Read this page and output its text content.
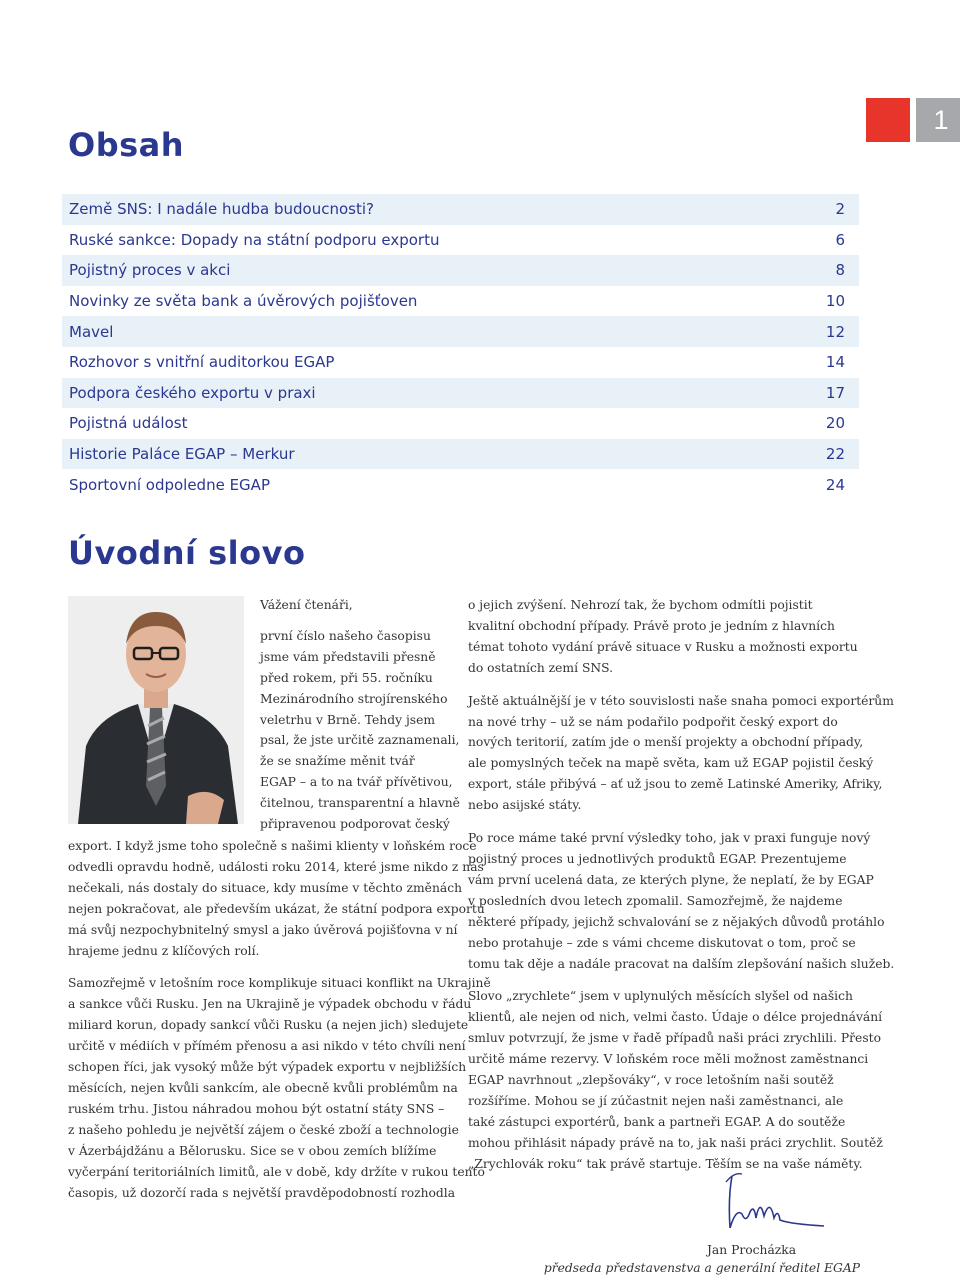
1
Obsah
Země SNS: I nadále hudba budoucnosti?	2
Ruské sankce: Dopady na státní podporu exportu	6
Pojistný proces v akci	8
Novinky ze světa bank a úvěrových pojišťoven	10
Mavel	12
Rozhovor s vnitřní auditorkou EGAP	14
Podpora českého exportu v praxi	17
Pojistná událost	20
Historie Paláce EGAP – Merkur	22
Sportovní odpoledne EGAP	24
Úvodní slovo

Vážení čtenáři,

první číslo našeho časopisu

jsme vám představili přesně

před rokem, při 55. ročníku

Mezinárodního strojírenského

veletrhu v Brně. Tehdy jsem

psal, že jste určitě zaznamenali,

že se snažíme měnit tvář

EGAP – a to na tvář přívětivou,

čitelnou, transparentní a hlavně

připravenou podporovat český

export. I když jsme toho společně s našimi klienty v loňském roce

odvedli opravdu hodně, události roku 2014, které jsme nikdo z nás

nečekali, nás dostaly do situace, kdy musíme v těchto změnách

nejen pokračovat, ale především ukázat, že státní podpora exportu

má svůj nezpochybnitelný smysl a jako úvěrová pojišťovna v ní

hrajeme jednu z klíčových rolí.

Samozřejmě v letošním roce komplikuje situaci konflikt na Ukrajině

a sankce vůči Rusku. Jen na Ukrajině je výpadek obchodu v řádu

miliard korun, dopady sankcí vůči Rusku (a nejen jich) sledujete

určitě v médiích v přímém přenosu a asi nikdo v této chvíli není

schopen říci, jak vysoký může být výpadek exportu v nejbližších

měsících, nejen kvůli sankcím, ale obecně kvůli problémům na

ruském trhu. Jistou náhradou mohou být ostatní státy SNS –

z našeho pohledu je největší zájem o české zboží a technologie

v Ázerbájdžánu a Bělorusku. Sice se v obou zemích blížíme

vyčerpání teritoriálních limitů, ale v době, kdy držíte v rukou tento

časopis, už dozorčí rada s největší pravděpodobností rozhodla

o jejich zvýšení. Nehrozí tak, že bychom odmítli pojistit

kvalitní obchodní případy. Právě proto je jedním z hlavních

témat tohoto vydání právě situace v Rusku a možnosti exportu

do ostatních zemí SNS.

Ještě aktuálnější je v této souvislosti naše snaha pomoci exportérům

na nové trhy – už se nám podařilo podpořit český export do

nových teritorií, zatím jde o menší projekty a obchodní případy,

ale pomyslných teček na mapě světa, kam už EGAP pojistil český

export, stále přibývá – ať už jsou to země Latinské Ameriky, Afriky,

nebo asijské státy.

Po roce máme také první výsledky toho, jak v praxi funguje nový

pojistný proces u jednotlivých produktů EGAP. Prezentujeme

vám první ucelená data, ze kterých plyne, že neplatí, že by EGAP

v posledních dvou letech zpomalil. Samozřejmě, že najdeme

některé případy, jejichž schvalování se z nějakých důvodů protáhlo

nebo protahuje – zde s vámi chceme diskutovat o tom, proč se

tomu tak děje a nadále pracovat na dalším zlepšování našich služeb.

Slovo „zrychlete“ jsem v uplynulých měsících slyšel od našich

klientů, ale nejen od nich, velmi často. Údaje o délce projednávání

smluv potvrzují, že jsme v řadě případů naši práci zrychlili. Přesto

určitě máme rezervy. V loňském roce měli možnost zaměstnanci

EGAP navrhnout „zlepšováky“, v roce letošním naši soutěž

rozšíříme. Mohou se jí zúčastnit nejen naši zaměstnanci, ale

také zástupci exportérů, bank a partneři EGAP. A do soutěže

mohou přihlásit nápady právě na to, jak naši práci zrychlit. Soutěž

„Zrychlovák roku“ tak právě startuje. Těším se na vaše náměty.

Jan Procházka
předseda představenstva a generální ředitel EGAP
